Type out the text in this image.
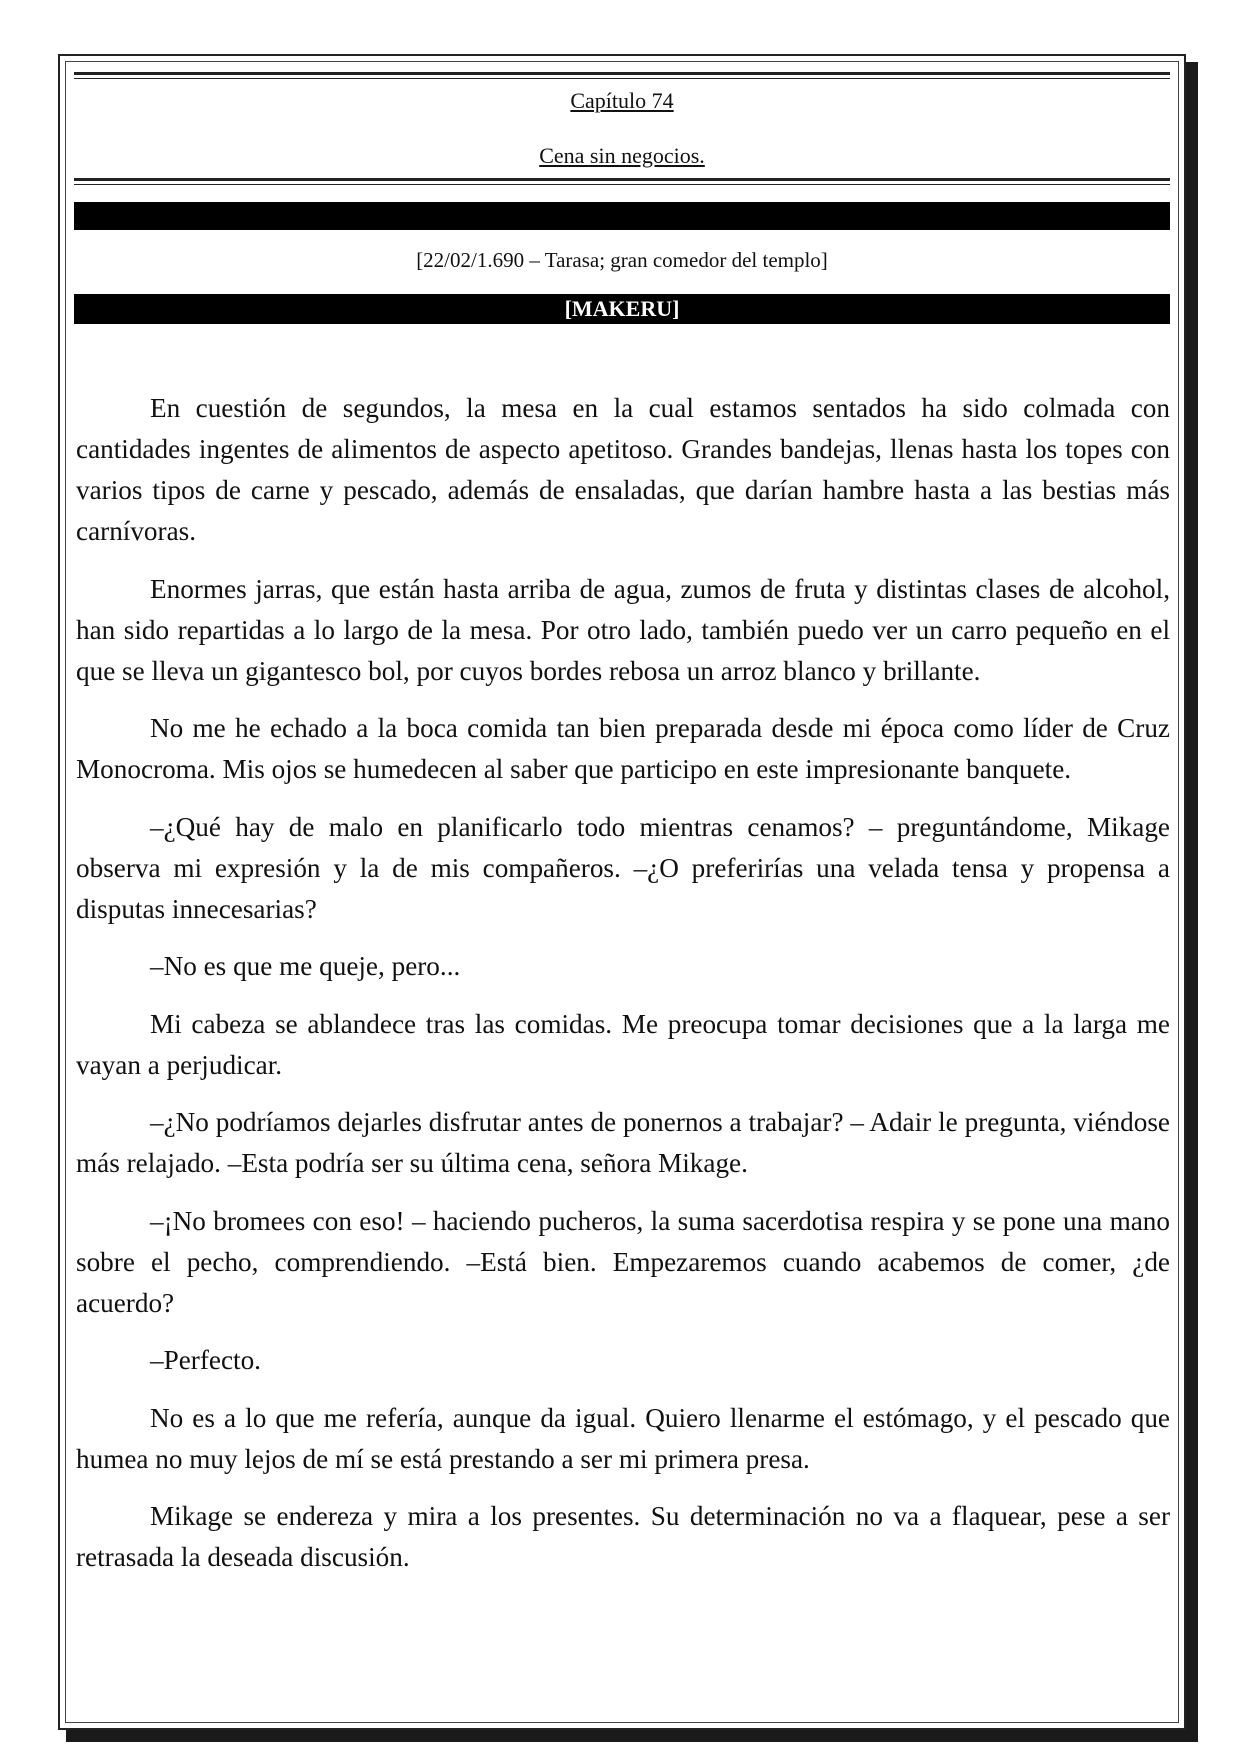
Capítulo 74
Cena sin negocios.
[22/02/1.690 – Tarasa; gran comedor del templo]
[MAKERU]

En cuestión de segundos, la mesa en la cual estamos sentados ha sido colmada con cantidades ingentes de alimentos de aspecto apetitoso. Grandes bandejas, llenas hasta los topes con varios tipos de carne y pescado, además de ensaladas, que darían hambre hasta a las bestias más carnívoras.

Enormes jarras, que están hasta arriba de agua, zumos de fruta y distintas clases de alcohol, han sido repartidas a lo largo de la mesa. Por otro lado, también puedo ver un carro pequeño en el que se lleva un gigantesco bol, por cuyos bordes rebosa un arroz blanco y brillante.

No me he echado a la boca comida tan bien preparada desde mi época como líder de Cruz Monocroma. Mis ojos se humedecen al saber que participo en este impresionante banquete.

–¿Qué hay de malo en planificarlo todo mientras cenamos? – preguntándome, Mikage observa mi expresión y la de mis compañeros. –¿O preferirías una velada tensa y propensa a disputas innecesarias?

–No es que me queje, pero...

Mi cabeza se ablandece tras las comidas. Me preocupa tomar decisiones que a la larga me vayan a perjudicar.

–¿No podríamos dejarles disfrutar antes de ponernos a trabajar? – Adair le pregunta, viéndose más relajado. –Esta podría ser su última cena, señora Mikage.

–¡No bromees con eso! – haciendo pucheros, la suma sacerdotisa respira y se pone una mano sobre el pecho, comprendiendo. –Está bien. Empezaremos cuando acabemos de comer, ¿de acuerdo?

–Perfecto.

No es a lo que me refería, aunque da igual. Quiero llenarme el estómago, y el pescado que humea no muy lejos de mí se está prestando a ser mi primera presa.

Mikage se endereza y mira a los presentes. Su determinación no va a flaquear, pese a ser retrasada la deseada discusión.
